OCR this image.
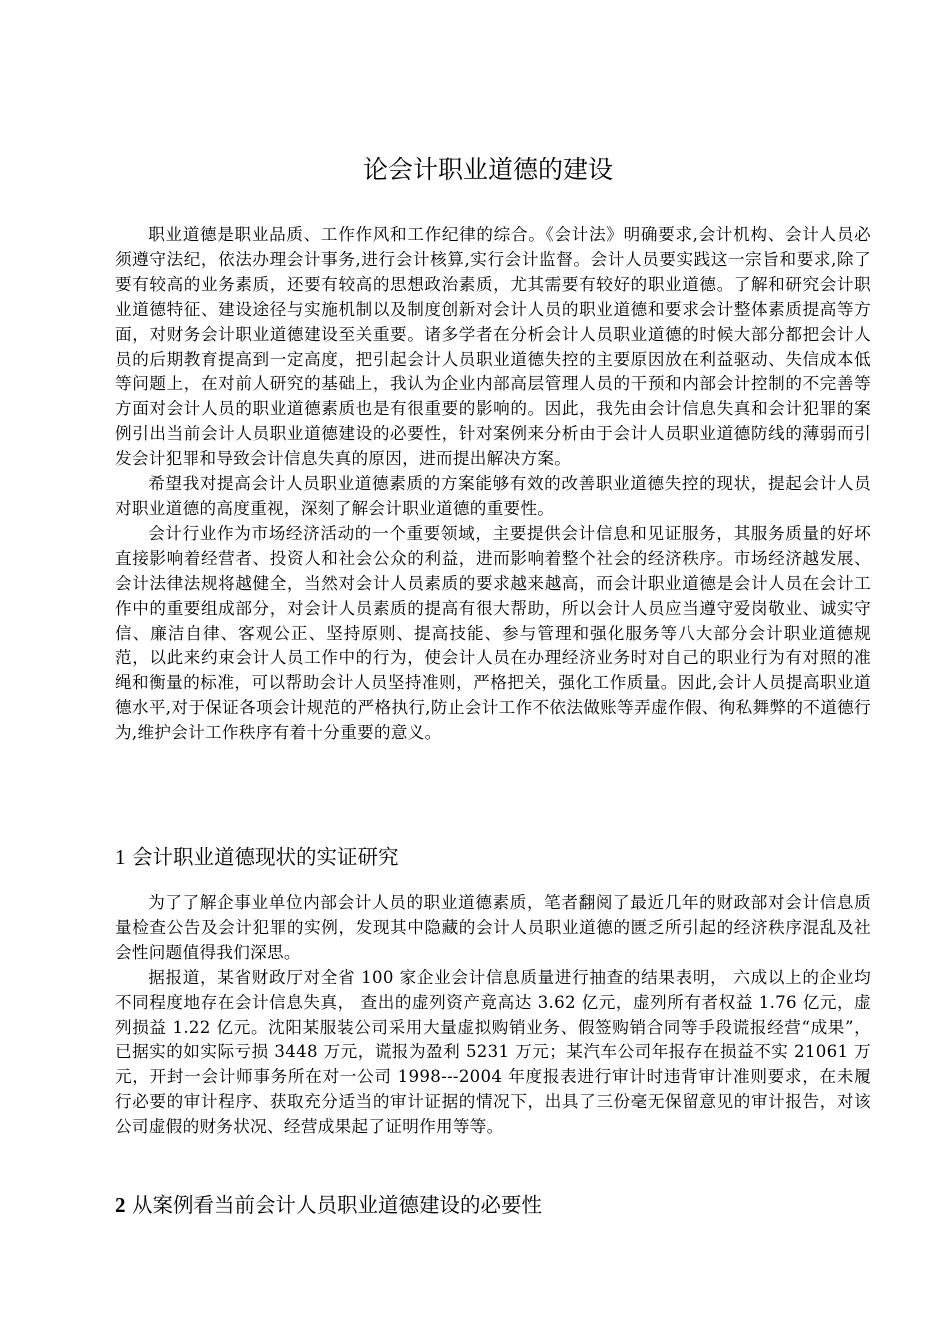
论会计职业道德的建设

职业道德是职业品质、工作作风和工作纪律的综合。《会计法》明确要求,会计机构、会计人员必须遵守法纪，依法办理会计事务,进行会计核算,实行会计监督。会计人员要实践这一宗旨和要求,除了要有较高的业务素质，还要有较高的思想政治素质，尤其需要有较好的职业道德。了解和研究会计职业道德特征、建设途径与实施机制以及制度创新对会计人员的职业道德和要求会计整体素质提高等方面，对财务会计职业道德建设至关重要。诸多学者在分析会计人员职业道德的时候大部分都把会计人员的后期教育提高到一定高度，把引起会计人员职业道德失控的主要原因放在利益驱动、失信成本低等问题上，在对前人研究的基础上，我认为企业内部高层管理人员的干预和内部会计控制的不完善等方面对会计人员的职业道德素质也是有很重要的影响的。因此，我先由会计信息失真和会计犯罪的案例引出当前会计人员职业道德建设的必要性，针对案例来分析由于会计人员职业道德防线的薄弱而引发会计犯罪和导致会计信息失真的原因，进而提出解决方案。

希望我对提高会计人员职业道德素质的方案能够有效的改善职业道德失控的现状，提起会计人员对职业道德的高度重视，深刻了解会计职业道德的重要性。

会计行业作为市场经济活动的一个重要领域，主要提供会计信息和见证服务，其服务质量的好坏直接影响着经营者、投资人和社会公众的利益，进而影响着整个社会的经济秩序。市场经济越发展、会计法律法规将越健全，当然对会计人员素质的要求越来越高，而会计职业道德是会计人员在会计工作中的重要组成部分，对会计人员素质的提高有很大帮助，所以会计人员应当遵守爱岗敬业、诚实守信、廉洁自律、客观公正、坚持原则、提高技能、参与管理和强化服务等八大部分会计职业道德规范，以此来约束会计人员工作中的行为，使会计人员在办理经济业务时对自己的职业行为有对照的准绳和衡量的标准，可以帮助会计人员坚持准则，严格把关，强化工作质量。因此,会计人员提高职业道德水平,对于保证各项会计规范的严格执行,防止会计工作不依法做账等弄虚作假、徇私舞弊的不道德行为,维护会计工作秩序有着十分重要的意义。

1 会计职业道德现状的实证研究

为了了解企事业单位内部会计人员的职业道德素质，笔者翻阅了最近几年的财政部对会计信息质量检查公告及会计犯罪的实例，发现其中隐藏的会计人员职业道德的匮乏所引起的经济秩序混乱及社会性问题值得我们深思。

据报道，某省财政厅对全省 100 家企业会计信息质量进行抽查的结果表明， 六成以上的企业均不同程度地存在会计信息失真， 查出的虚列资产竟高达 3.62 亿元，虚列所有者权益 1.76 亿元，虚列损益 1.22 亿元。沈阳某服装公司采用大量虚拟购销业务、假签购销合同等手段谎报经营“成果”，已据实的如实际亏损 3448 万元，谎报为盈利 5231 万元；某汽车公司年报存在损益不实 21061 万元，开封一会计师事务所在对一公司 1998---2004 年度报表进行审计时违背审计准则要求，在未履行必要的审计程序、获取充分适当的审计证据的情况下，出具了三份毫无保留意见的审计报告，对该公司虚假的财务状况、经营成果起了证明作用等等。

2 从案例看当前会计人员职业道德建设的必要性
